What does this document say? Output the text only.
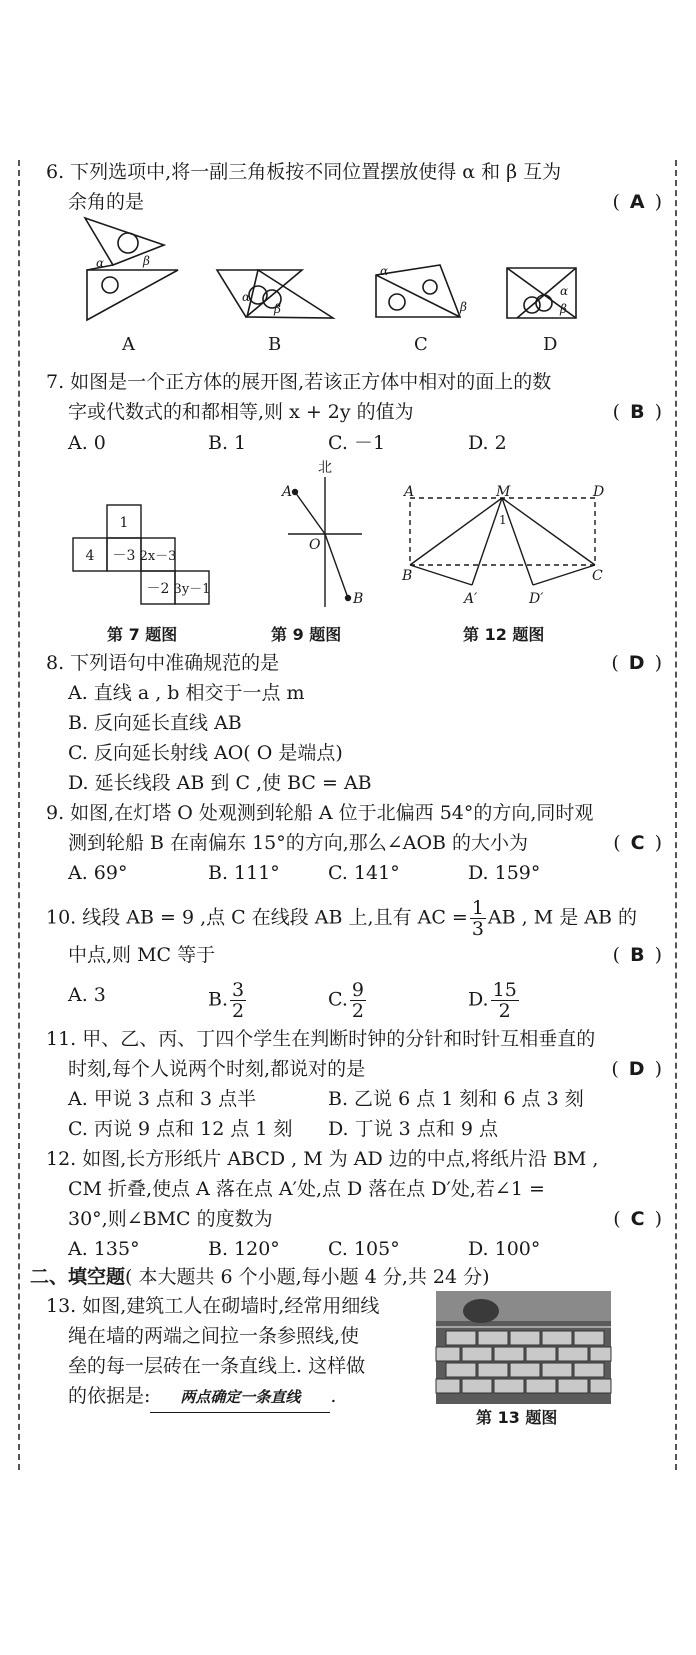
6. 下列选项中,将一副三角板按不同位置摆放使得 α 和 β 互为
余角的是	( A )
α	β
α
β
α
β
α
β
A	B	C	D
7. 如图是一个正方体的展开图,若该正方体中相对的面上的数
字或代数式的和都相等,则 x + 2y 的值为	( B )
A. 0	B. 1	C. －1	D. 2
1
4 －3 2x－3
－2 3y－1
第 7 题图
北
A
O
B
第 9 题图
A	M	D
B	C
A′	D′
1
第 12 题图
8. 下列语句中准确规范的是	( D )
A. 直线 a , b 相交于一点 m
B. 反向延长直线 AB
C. 反向延长射线 AO( O 是端点)
D. 延长线段 AB 到 C ,使 BC = AB
9. 如图,在灯塔 O 处观测到轮船 A 位于北偏西 54°的方向,同时观
测到轮船 B 在南偏东 15°的方向,那么∠AOB 的大小为	( C )
A. 69°	B. 111°	C. 141°	D. 159°
10. 线段 AB = 9 ,点 C 在线段 AB 上,且有 AC = $\frac{1}{3}$ AB , M 是 AB 的
中点,则 MC 等于	( B )
A. 3	B. $\frac{3}{2}$	C. $\frac{9}{2}$	D. $\frac{15}{2}$
11. 甲、乙、丙、丁四个学生在判断时钟的分针和时针互相垂直的
时刻,每个人说两个时刻,都说对的是	( D )
A. 甲说 3 点和 3 点半	B. 乙说 6 点 1 刻和 6 点 3 刻
C. 丙说 9 点和 12 点 1 刻 D. 丁说 3 点和 9 点
12. 如图,长方形纸片 ABCD , M 为 AD 边的中点,将纸片沿 BM ,
CM 折叠,使点 A 落在点 A′处,点 D 落在点 D′处,若∠1 =
30°,则∠BMC 的度数为	( C )
A. 135°	B. 120°	C. 105°	D. 100°
二、填空题( 本大题共 6 个小题,每小题 4 分,共 24 分)
13. 如图,建筑工人在砌墙时,经常用细线
绳在墙的两端之间拉一条参照线,使
垒的每一层砖在一条直线上. 这样做
的依据是: 两点确定一条直线 .
第 13 题图
